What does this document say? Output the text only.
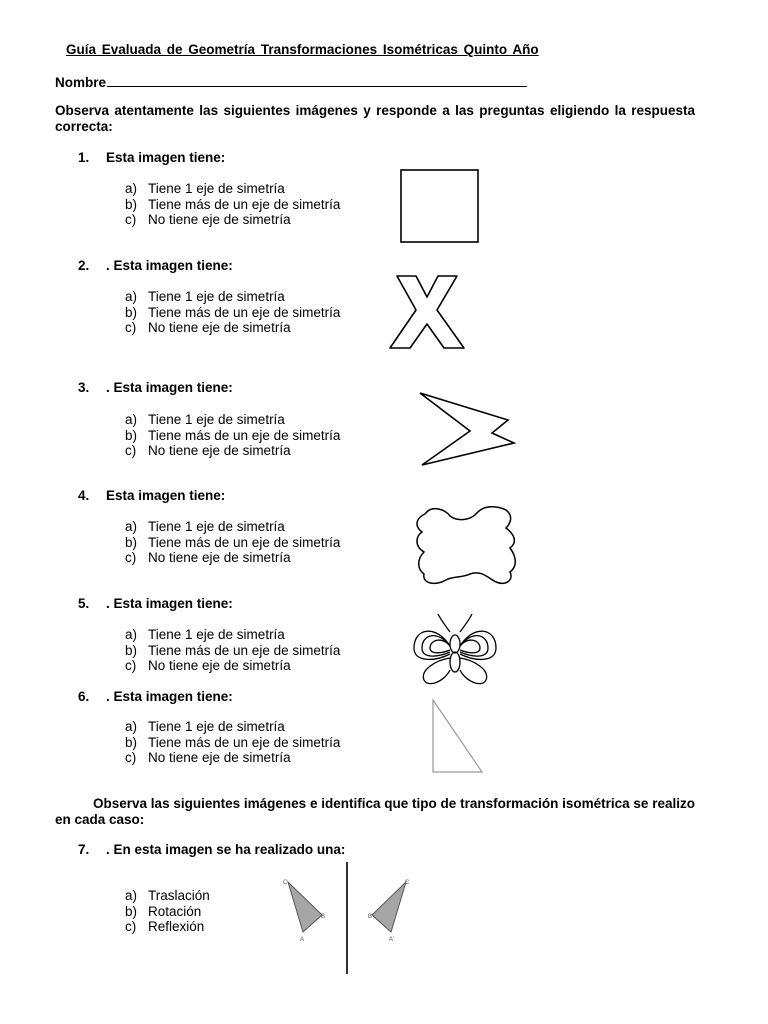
Guía Evaluada de Geometría Transformaciones Isométricas Quinto Año
Nombre
Observa atentamente las siguientes imágenes y responde a las preguntas eligiendo la respuesta correcta:
1. Esta imagen tiene:
a) Tiene 1 eje de simetría
b) Tiene más de un eje de simetría
c) No tiene eje de simetría
2. . Esta imagen tiene:
a) Tiene 1 eje de simetría
b) Tiene más de un eje de simetría
c) No tiene eje de simetría
3. . Esta imagen tiene:
a) Tiene 1 eje de simetría
b) Tiene más de un eje de simetría
c) No tiene eje de simetría
4. Esta imagen tiene:
a) Tiene 1 eje de simetría
b) Tiene más de un eje de simetría
c) No tiene eje de simetría
5. . Esta imagen tiene:
a) Tiene 1 eje de simetría
b) Tiene más de un eje de simetría
c) No tiene eje de simetría
6. . Esta imagen tiene:
a) Tiene 1 eje de simetría
b) Tiene más de un eje de simetría
c) No tiene eje de simetría
Observa las siguientes imágenes e identifica que tipo de transformación isométrica se realizo en cada caso:
7. . En esta imagen se ha realizado una:
a) Traslación
b) Rotación
c) Reflexión
C
B
A
C
B'
A'
